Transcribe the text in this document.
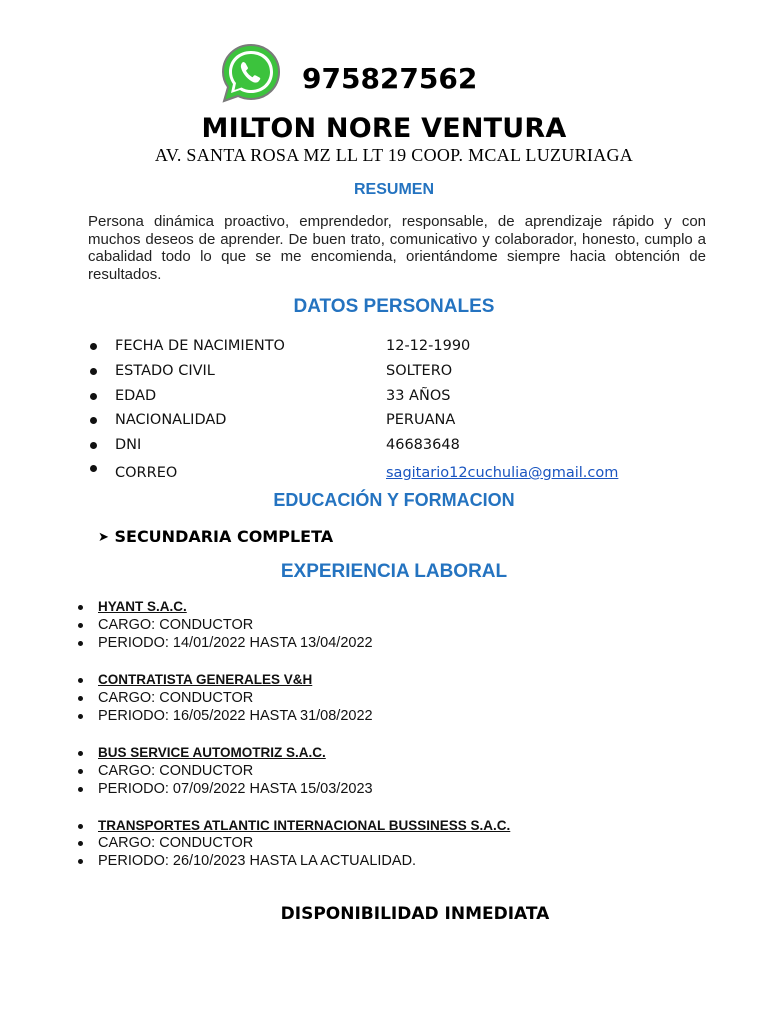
975827562
MILTON NORE VENTURA
AV. SANTA ROSA MZ LL LT 19 COOP. MCAL LUZURIAGA
RESUMEN
Persona dinámica proactivo, emprendedor, responsable, de aprendizaje rápido y con muchos deseos de aprender. De buen trato, comunicativo y colaborador, honesto, cumplo a cabalidad todo lo que se me encomienda, orientándome siempre hacia obtención de resultados.
DATOS PERSONALES
FECHA DE NACIMIENTO	12-12-1990
ESTADO CIVIL	SOLTERO
EDAD	33 AÑOS
NACIONALIDAD	PERUANA
DNI	46683648
CORREO	sagitario12cuchulia@gmail.com
EDUCACIÓN Y FORMACION
➤ SECUNDARIA COMPLETA
EXPERIENCIA LABORAL
HYANT S.A.C.
CARGO: CONDUCTOR
PERIODO: 14/01/2022 HASTA 13/04/2022
CONTRATISTA GENERALES V&H
CARGO: CONDUCTOR
PERIODO: 16/05/2022 HASTA 31/08/2022
BUS SERVICE AUTOMOTRIZ S.A.C.
CARGO: CONDUCTOR
PERIODO: 07/09/2022 HASTA 15/03/2023
TRANSPORTES ATLANTIC INTERNACIONAL BUSSINESS S.A.C.
CARGO: CONDUCTOR
PERIODO: 26/10/2023 HASTA LA ACTUALIDAD.
DISPONIBILIDAD INMEDIATA
